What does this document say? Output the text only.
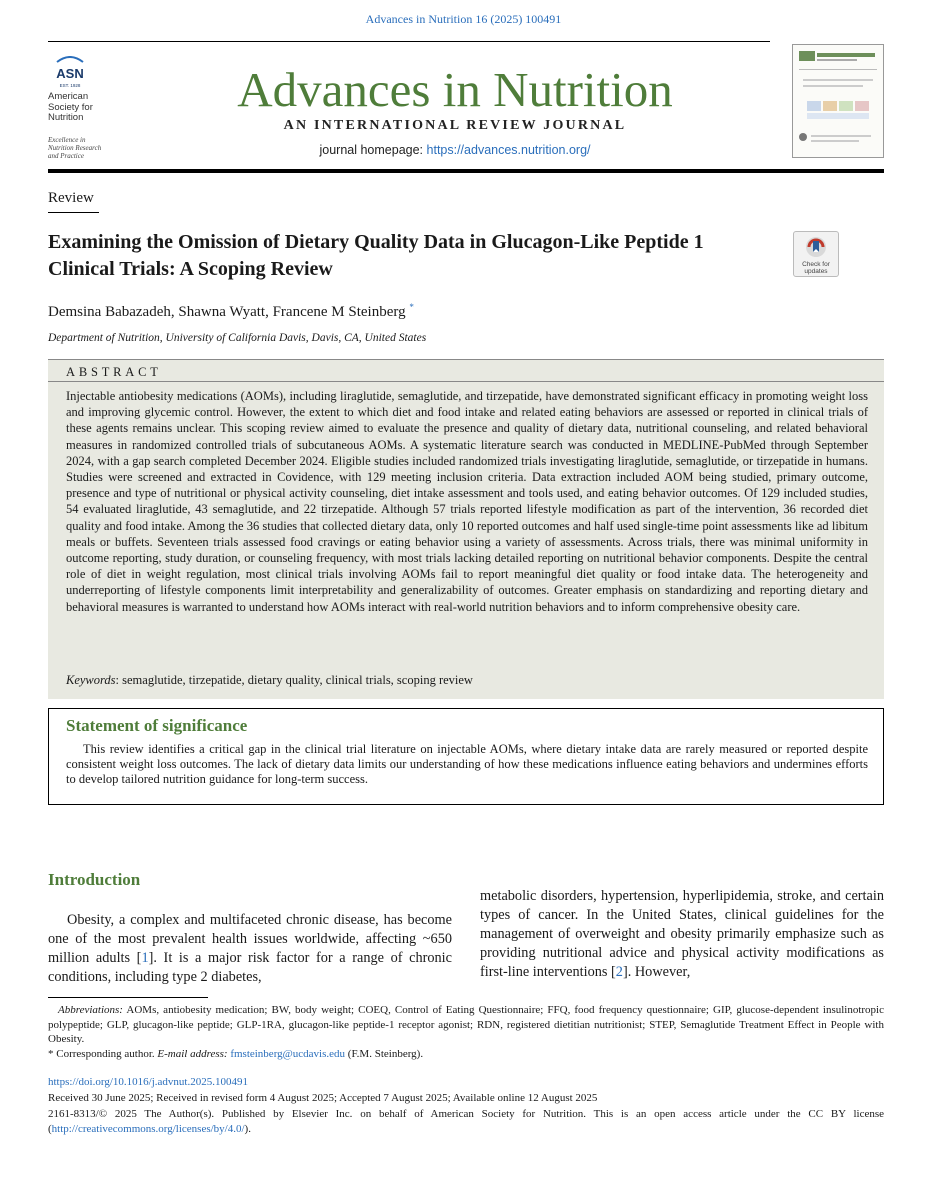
Advances in Nutrition 16 (2025) 100491
ASN
EST. 1928
American
Society for
Nutrition
Excellence in
Nutrition Research
and Practice
Advances in Nutrition
AN INTERNATIONAL REVIEW JOURNAL
journal homepage: https://advances.nutrition.org/
Review
Examining the Omission of Dietary Quality Data in Glucagon-Like Peptide 1 Clinical Trials: A Scoping Review	Check for updates
Demsina Babazadeh, Shawna Wyatt, Francene M Steinberg *
Department of Nutrition, University of California Davis, Davis, CA, United States
ABSTRACT
Injectable antiobesity medications (AOMs), including liraglutide, semaglutide, and tirzepatide, have demonstrated significant efficacy in promoting weight loss and improving glycemic control. However, the extent to which diet and food intake and related eating behaviors are assessed or reported in clinical trials of these agents remains unclear. This scoping review aimed to evaluate the presence and quality of dietary data, nutritional counseling, and related behavioral measures in randomized controlled trials of subcutaneous AOMs. A systematic literature search was conducted in MEDLINE-PubMed through September 2024, with a gap search completed December 2024. Eligible studies included randomized trials investigating liraglutide, semaglutide, or tirzepatide in humans. Studies were screened and extracted in Covidence, with 129 meeting inclusion criteria. Data extraction included AOM being studied, primary outcome, presence and type of nutritional or physical activity counseling, diet intake assessment and tools used, and eating behavior outcomes. Of 129 included studies, 54 evaluated liraglutide, 43 semaglutide, and 22 tirzepatide. Although 57 trials reported lifestyle modification as part of the intervention, 36 recorded diet quality and food intake. Among the 36 studies that collected dietary data, only 10 reported outcomes and half used single-time point assessments like ad libitum meals or buffets. Seventeen trials assessed food cravings or eating behavior using a variety of assessments. Across trials, there was minimal uniformity in outcome reporting, study duration, or counseling frequency, with most trials lacking detailed reporting on nutritional behavior components. Despite the central role of diet in weight regulation, most clinical trials involving AOMs fail to report meaningful diet quality or food intake data. The heterogeneity and underreporting of lifestyle components limit interpretability and generalizability of outcomes. Greater emphasis on standardizing and reporting dietary and behavioral measures is warranted to understand how AOMs interact with real-world nutrition behaviors and to inform comprehensive obesity care.
Keywords: semaglutide, tirzepatide, dietary quality, clinical trials, scoping review
Statement of significance
This review identifies a critical gap in the clinical trial literature on injectable AOMs, where dietary intake data are rarely measured or reported despite consistent weight loss outcomes. The lack of dietary data limits our understanding of how these medications influence eating behaviors and undermines efforts to develop tailored nutrition guidance for long-term success.
Introduction
Obesity, a complex and multifaceted chronic disease, has become one of the most prevalent health issues worldwide, affecting ~650 million adults [1]. It is a major risk factor for a range of chronic conditions, including type 2 diabetes,
metabolic disorders, hypertension, hyperlipidemia, stroke, and certain types of cancer. In the United States, clinical guidelines for the management of overweight and obesity primarily emphasize such as providing nutritional advice and physical activity modifications as first-line interventions [2]. However,
Abbreviations: AOMs, antiobesity medication; BW, body weight; COEQ, Control of Eating Questionnaire; FFQ, food frequency questionnaire; GIP, glucose-dependent insulinotropic polypeptide; GLP, glucagon-like peptide; GLP-1RA, glucagon-like peptide-1 receptor agonist; RDN, registered dietitian nutritionist; STEP, Semaglutide Treatment Effect in People with Obesity.
* Corresponding author. E-mail address: fmsteinberg@ucdavis.edu (F.M. Steinberg).
https://doi.org/10.1016/j.advnut.2025.100491
Received 30 June 2025; Received in revised form 4 August 2025; Accepted 7 August 2025; Available online 12 August 2025
2161-8313/© 2025 The Author(s). Published by Elsevier Inc. on behalf of American Society for Nutrition. This is an open access article under the CC BY license (http://creativecommons.org/licenses/by/4.0/).
